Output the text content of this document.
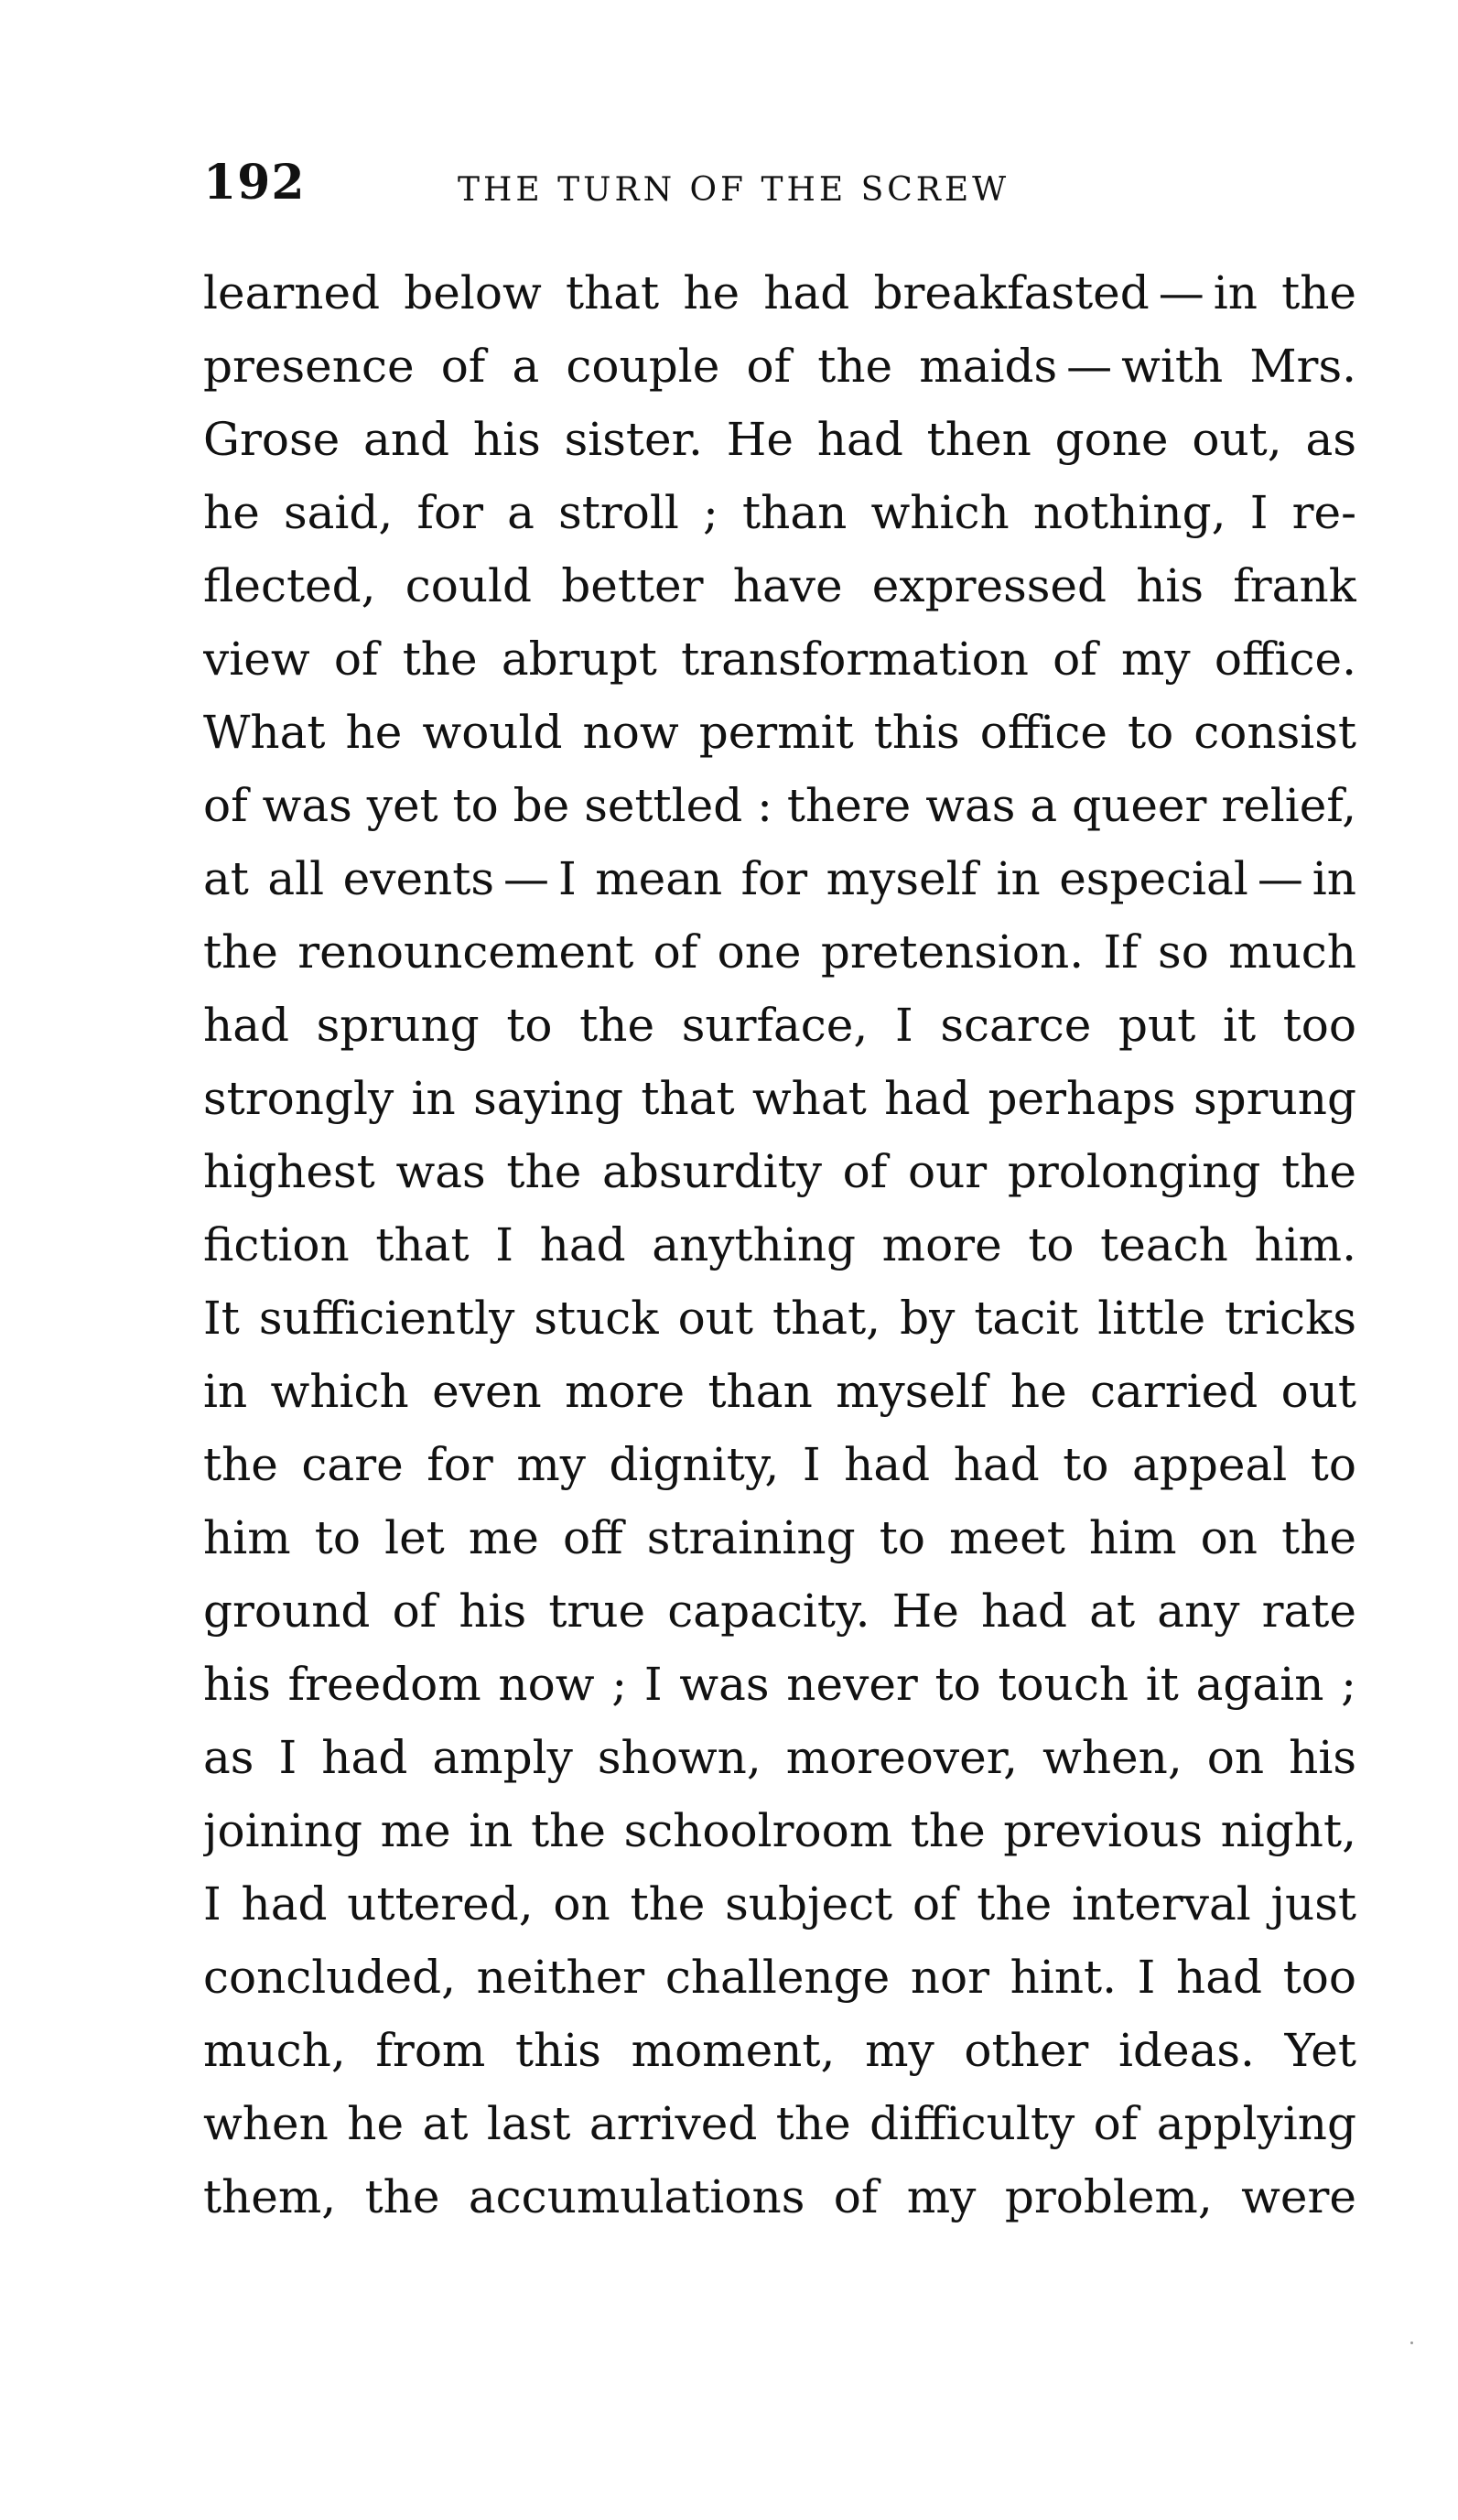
192	THE TURN OF THE SCREW
learned below that he had breakfasted — in the
presence of a couple of the maids — with Mrs.
Grose and his sister. He had then gone out, as
he said, for a stroll ; than which nothing, I re-
flected, could better have expressed his frank
view of the abrupt transformation of my office.
What he would now permit this office to consist
of was yet to be settled : there was a queer relief,
at all events — I mean for myself in especial — in
the renouncement of one pretension. If so much
had sprung to the surface, I scarce put it too
strongly in saying that what had perhaps sprung
highest was the absurdity of our prolonging the
fiction that I had anything more to teach him.
It sufficiently stuck out that, by tacit little tricks
in which even more than myself he carried out
the care for my dignity, I had had to appeal to
him to let me off straining to meet him on the
ground of his true capacity. He had at any rate
his freedom now ; I was never to touch it again ;
as I had amply shown, moreover, when, on his
joining me in the schoolroom the previous night,
I had uttered, on the subject of the interval just
concluded, neither challenge nor hint. I had too
much, from this moment, my other ideas. Yet
when he at last arrived the difficulty of applying
them, the accumulations of my problem, were
